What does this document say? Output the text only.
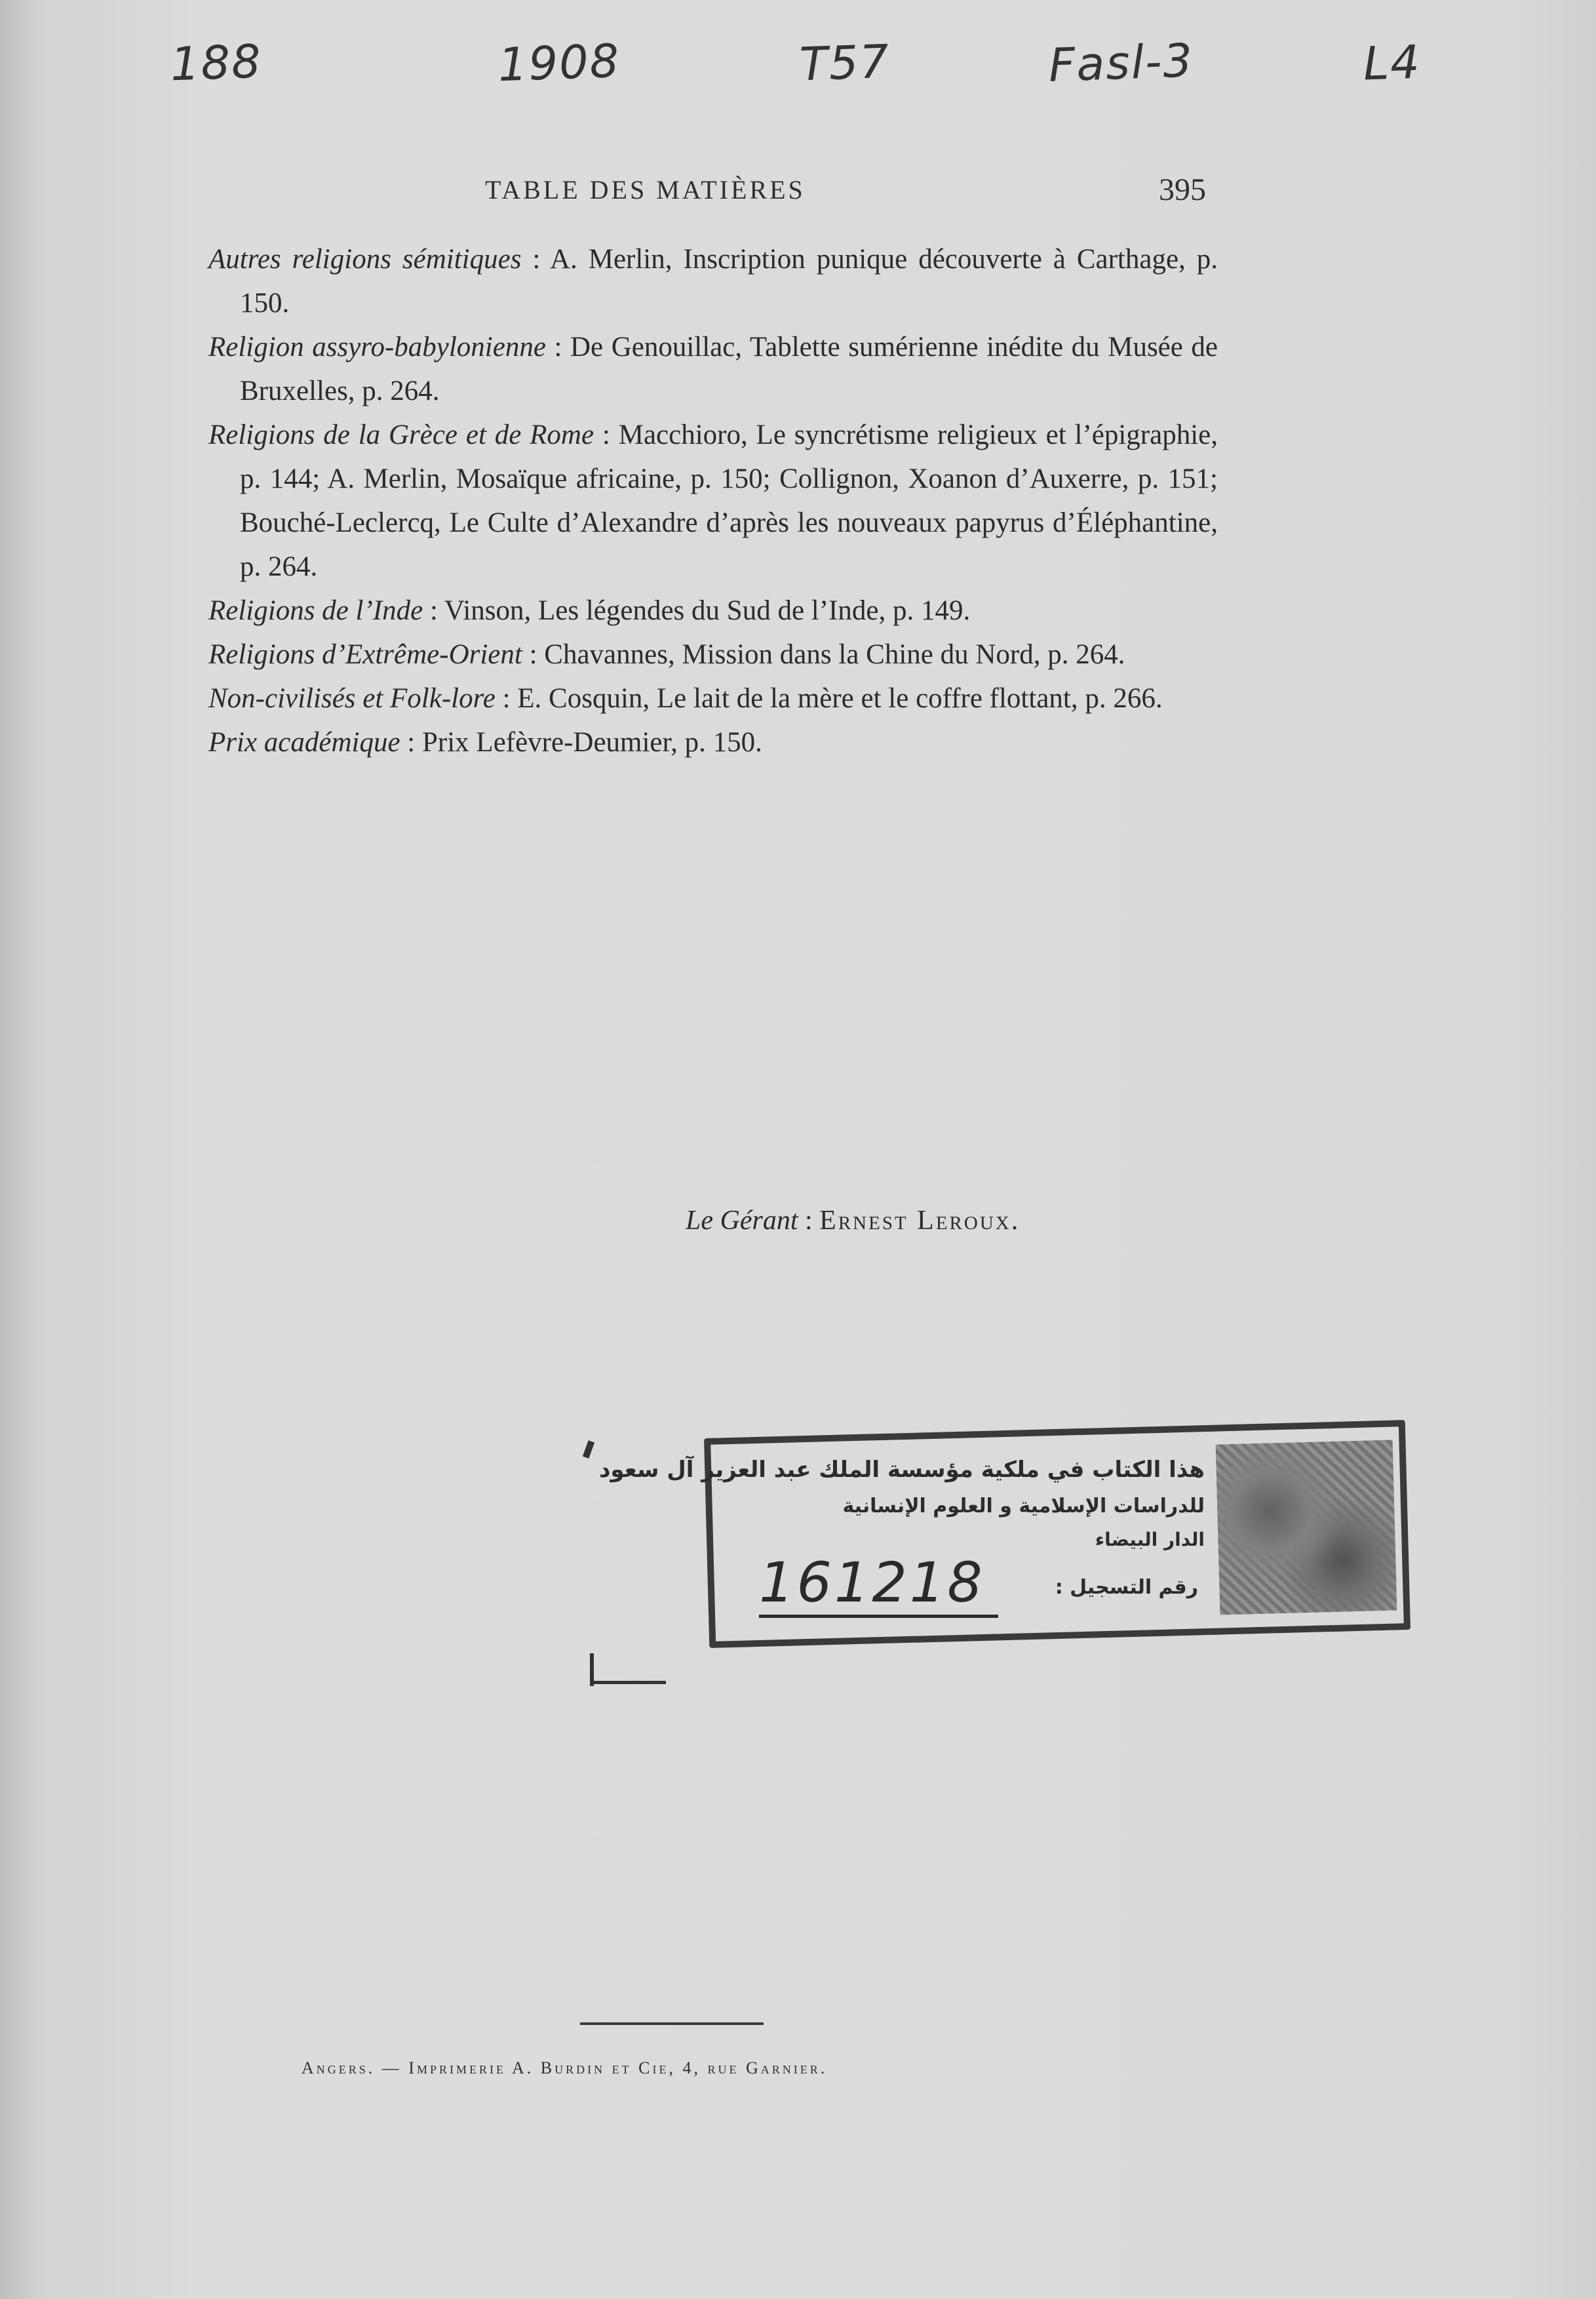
188	1908	T57	Fasl-3	L4
TABLE DES MATIÈRES	395

Autres religions sémitiques : A. Merlin, Inscription punique découverte à Carthage, p. 150.

Religion assyro-babylonienne : De Genouillac, Tablette sumérienne inédite du Musée de Bruxelles, p. 264.

Religions de la Grèce et de Rome : Macchioro, Le syncrétisme religieux et l’épigraphie, p. 144; A. Merlin, Mosaïque africaine, p. 150; Collignon, Xoanon d’Auxerre, p. 151; Bouché-Leclercq, Le Culte d’Alexandre d’après les nouveaux papyrus d’Éléphantine, p. 264.

Religions de l’Inde : Vinson, Les légendes du Sud de l’Inde, p. 149.

Religions d’Extrême-Orient : Chavannes, Mission dans la Chine du Nord, p. 264.

Non-civilisés et Folk-lore : E. Cosquin, Le lait de la mère et le coffre flottant, p. 266.

Prix académique : Prix Lefèvre-Deumier, p. 150.

Le Gérant : Ernest Leroux.
هذا الكتاب في ملكية مؤسسة الملك عبد العزيز آل سعود
للدراسات الإسلامية و العلوم الإنسانية
الدار البيضاء
رقم التسجيل :
161218
Angers. — Imprimerie A. Burdin et Cie, 4, rue Garnier.
